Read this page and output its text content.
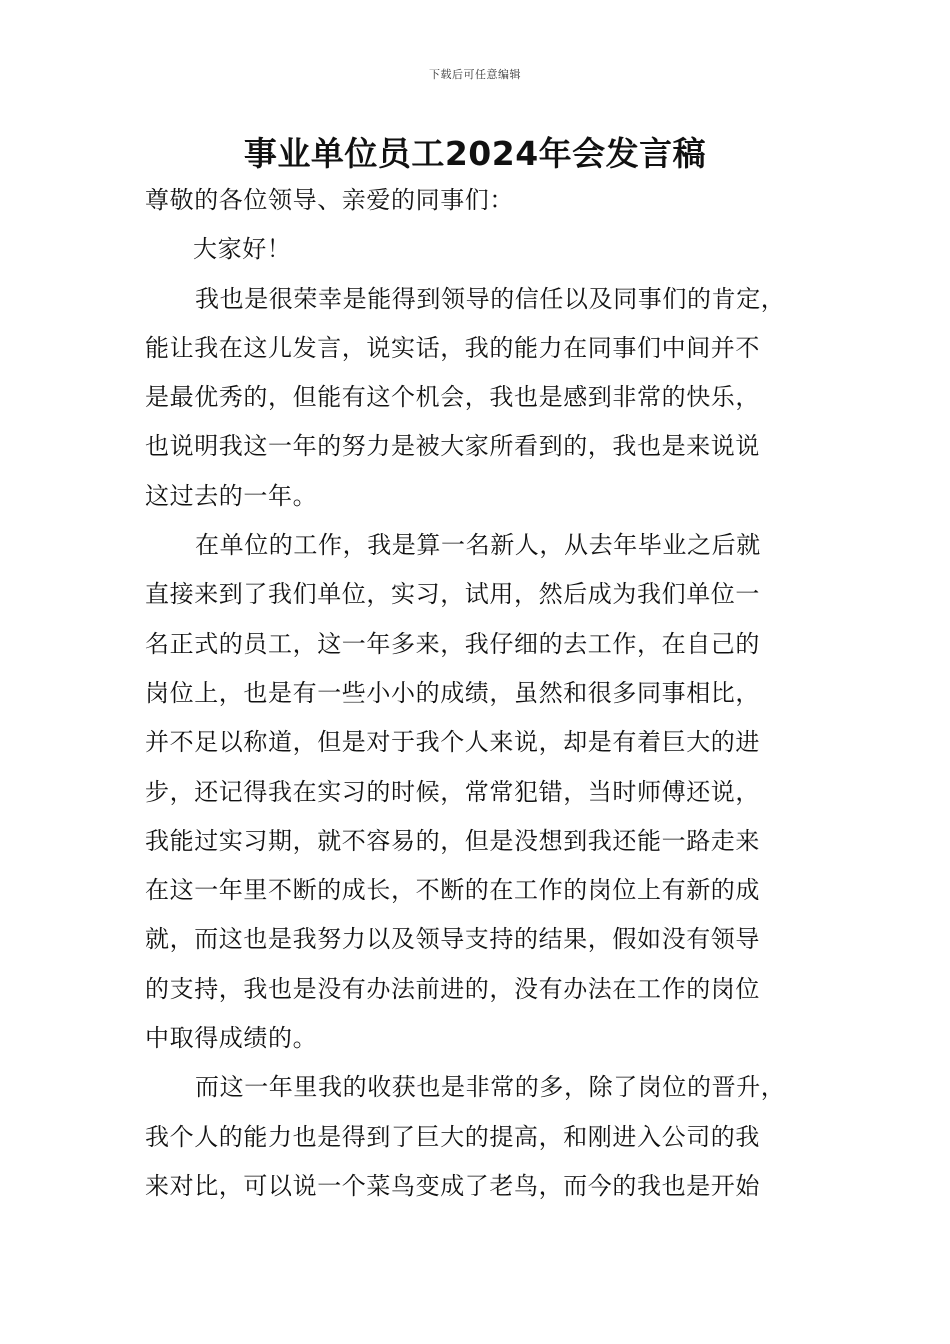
下载后可任意编辑
事业单位员工2024年会发言稿
尊敬的各位领导、亲爱的同事们：
大家好！
我也是很荣幸是能得到领导的信任以及同事们的肯定，
能让我在这儿发言，说实话，我的能力在同事们中间并不
是最优秀的，但能有这个机会，我也是感到非常的快乐，
也说明我这一年的努力是被大家所看到的，我也是来说说
这过去的一年。
在单位的工作，我是算一名新人，从去年毕业之后就
直接来到了我们单位，实习，试用，然后成为我们单位一
名正式的员工，这一年多来，我仔细的去工作，在自己的
岗位上，也是有一些小小的成绩，虽然和很多同事相比，
并不足以称道，但是对于我个人来说，却是有着巨大的进
步，还记得我在实习的时候，常常犯错，当时师傅还说，
我能过实习期，就不容易的，但是没想到我还能一路走来
在这一年里不断的成长，不断的在工作的岗位上有新的成
就，而这也是我努力以及领导支持的结果，假如没有领导
的支持，我也是没有办法前进的，没有办法在工作的岗位
中取得成绩的。
而这一年里我的收获也是非常的多，除了岗位的晋升，
我个人的能力也是得到了巨大的提高，和刚进入公司的我
来对比，可以说一个菜鸟变成了老鸟，而今的我也是开始
